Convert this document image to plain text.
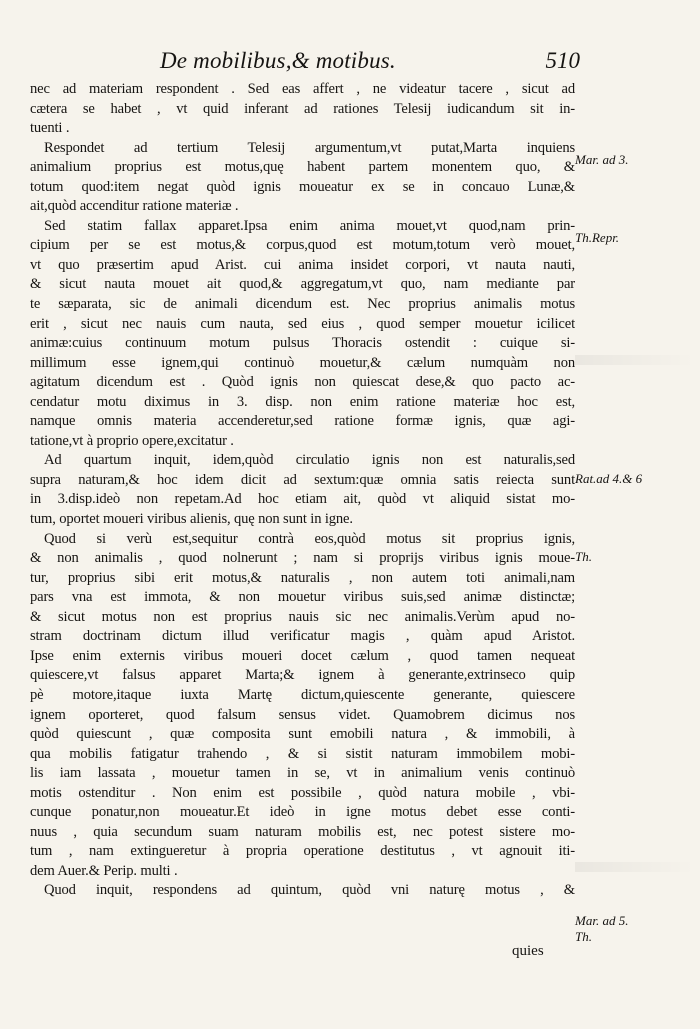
De mobilibus,& motibus.	510
nec ad materiam respondent . Sed eas affert , ne videatur tacere , sicut ad
cætera se habet , vt quid inferant ad rationes Telesij iudicandum sit in-
tuenti .
Respondet ad tertium Telesij argumentum,vt putat,Marta inquiens
animalium proprius est motus,quę habent partem monentem quo, &
totum quod:item negat quòd ignis moueatur ex se in concauo Lunæ,&
ait,quòd accenditur ratione materiæ .
Sed statim fallax apparet.Ipsa enim anima mouet,vt quod,nam prin-
cipium per se est motus,& corpus,quod est motum,totum verò mouet,
vt quo præsertim apud Arist. cui anima insidet corpori, vt nauta nauti,
& sicut nauta mouet ait quod,& aggregatum,vt quo, nam mediante par
te sæparata, sic de animali dicendum est. Nec proprius animalis motus
erit , sicut nec nauis cum nauta, sed eius , quod semper mouetur icilicet
animæ:cuius continuum motum pulsus Thoracis ostendit : cuique si-
millimum esse ignem,qui continuò mouetur,& cælum numquàm non
agitatum dicendum est . Quòd ignis non quiescat dese,& quo pacto ac-
cendatur motu diximus in 3. disp. non enim ratione materiæ hoc est,
namque omnis materia accenderetur,sed ratione formæ ignis, quæ agi-
tatione,vt à proprio opere,excitatur .
Ad quartum inquit, idem,quòd circulatio ignis non est naturalis,sed
supra naturam,& hoc idem dicit ad sextum:quæ omnia satis reiecta sunt
in 3.disp.ideò non repetam.Ad hoc etiam ait, quòd vt aliquid sistat mo-
tum, oportet moueri viribus alienis, quę non sunt in igne.
Quod si verù est,sequitur contrà eos,quòd motus sit proprius ignis,
& non animalis , quod nolnerunt ; nam si proprijs viribus ignis moue-
tur, proprius sibi erit motus,& naturalis , non autem toti animali,nam
pars vna est immota, & non mouetur viribus suis,sed animæ distinctæ;
& sicut motus non est proprius nauis sic nec animalis.Verùm apud no-
stram doctrinam dictum illud verificatur magis , quàm apud Aristot.
Ipse enim externis viribus moueri docet cælum , quod tamen nequeat
quiescere,vt falsus apparet Marta;& ignem à generante,extrinseco quip
pè motore,itaque iuxta Martę dictum,quiescente generante, quiescere
ignem oporteret, quod falsum sensus videt. Quamobrem dicimus nos
quòd quiescunt , quæ composita sunt emobili natura , & immobili, à
qua mobilis fatigatur trahendo , & si sistit naturam immobilem mobi-
lis iam lassata , mouetur tamen in se, vt in animalium venis continuò
motis ostenditur . Non enim est possibile , quòd natura mobile , vbi-
cunque ponatur,non moueatur.Et ideò in igne motus debet esse conti-
nuus , quia secundum suam naturam mobilis est, nec potest sistere mo-
tum , nam extingueretur à propria operatione destitutus , vt agnouit iti-
dem Auer.& Perip. multi .
Quod inquit, respondens ad quintum, quòd vni naturę motus , &
Mar. ad 3.
Th.Repr.
Rat.ad 4.& 6
Th.
Mar. ad 5.
Th.
quies
